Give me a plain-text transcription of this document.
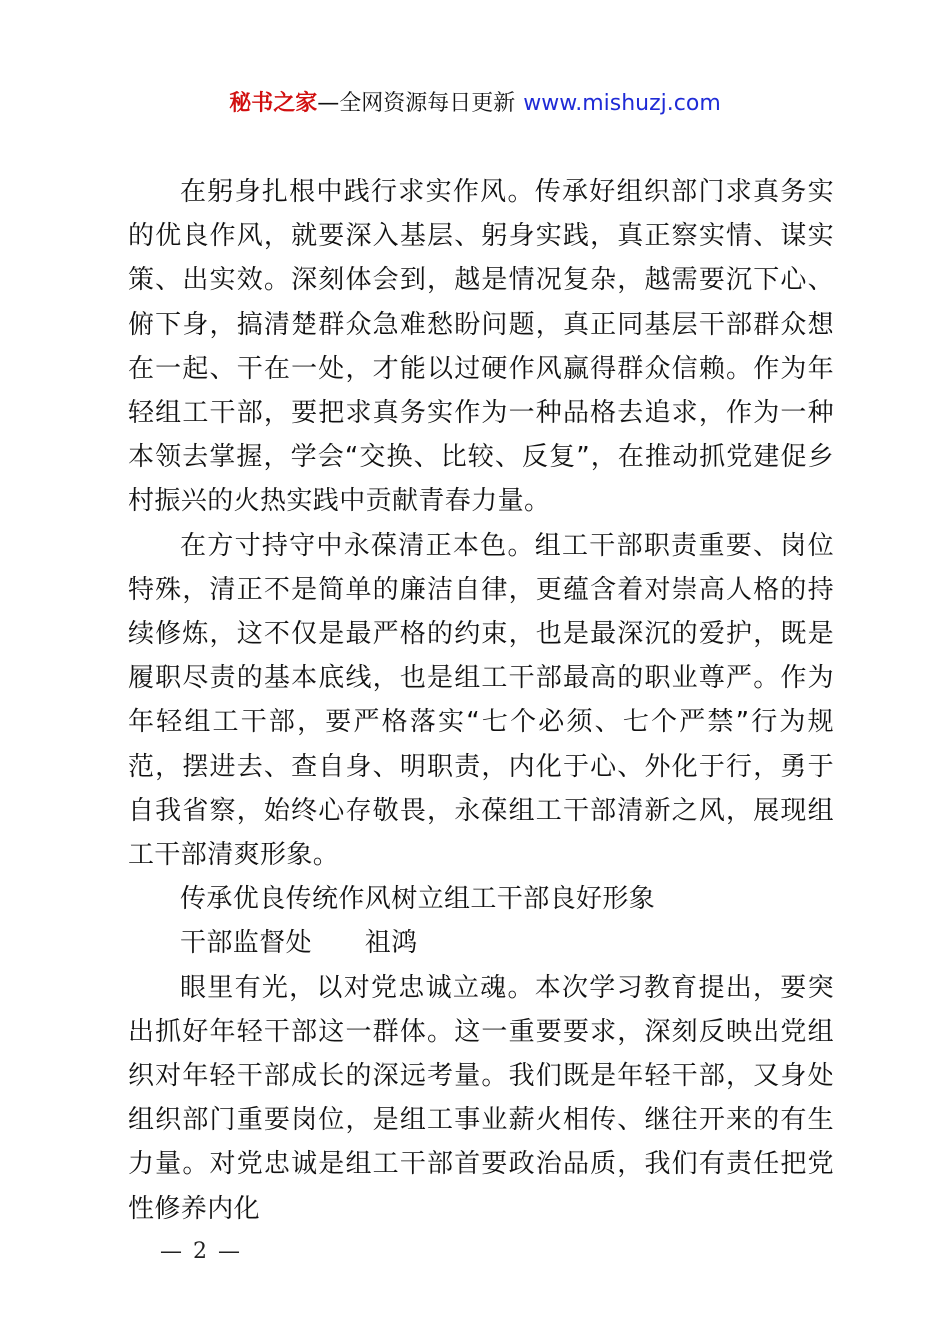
秘书之家—全网资源每日更新 www.mishuzj.com

在躬身扎根中践行求实作风。传承好组织部门求真务实的优良作风，就要深入基层、躬身实践，真正察实情、谋实策、出实效。深刻体会到，越是情况复杂，越需要沉下心、俯下身，搞清楚群众急难愁盼问题，真正同基层干部群众想在一起、干在一处，才能以过硬作风赢得群众信赖。作为年轻组工干部，要把求真务实作为一种品格去追求，作为一种本领去掌握，学会“交换、比较、反复”，在推动抓党建促乡村振兴的火热实践中贡献青春力量。

在方寸持守中永葆清正本色。组工干部职责重要、岗位特殊，清正不是简单的廉洁自律，更蕴含着对崇高人格的持续修炼，这不仅是最严格的约束，也是最深沉的爱护，既是履职尽责的基本底线，也是组工干部最高的职业尊严。作为年轻组工干部，要严格落实“七个必须、七个严禁”行为规范，摆进去、查自身、明职责，内化于心、外化于行，勇于自我省察，始终心存敬畏，永葆组工干部清新之风，展现组工干部清爽形象。

传承优良传统作风树立组工干部良好形象

干部监督处　　祖鸿

眼里有光，以对党忠诚立魂。本次学习教育提出，要突出抓好年轻干部这一群体。这一重要要求，深刻反映出党组织对年轻干部成长的深远考量。我们既是年轻干部，又身处组织部门重要岗位，是组工事业薪火相传、继往开来的有生力量。对党忠诚是组工干部首要政治品质，我们有责任把党性修养内化

— 2 —
